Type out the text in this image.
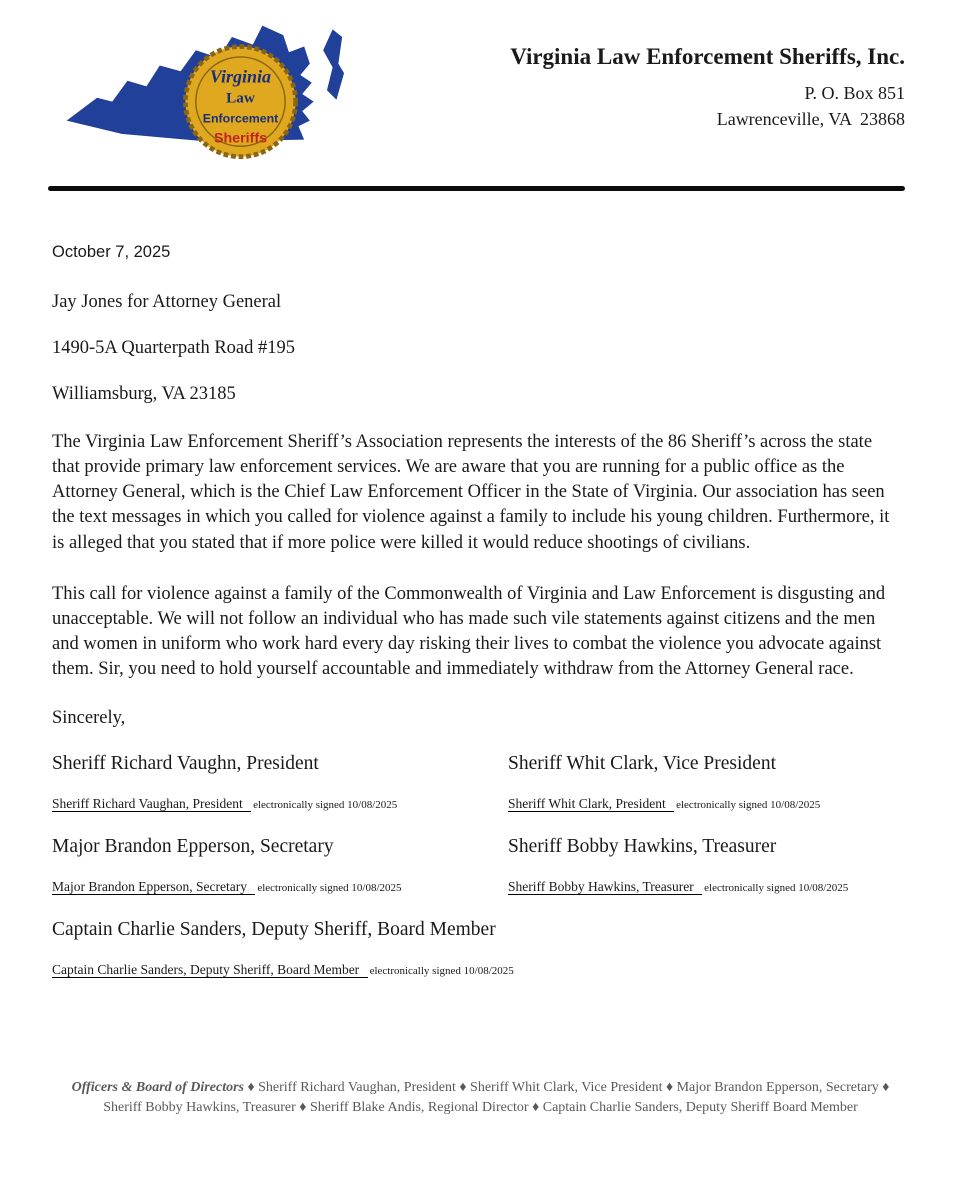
Virginia
Law
Enforcement
Sheriffs
Virginia Law Enforcement Sheriffs, Inc.
P. O. Box 851
Lawrenceville, VA  23868
October 7, 2025

Jay Jones for Attorney General

1490-5A Quarterpath Road #195

Williamsburg, VA 23185

The Virginia Law Enforcement Sheriff’s Association represents the interests of the 86 Sheriff’s across the state that provide primary law enforcement services. We are aware that you are running for a public office as the Attorney General, which is the Chief Law Enforcement Officer in the State of Virginia. Our association has seen the text messages in which you called for violence against a family to include his young children. Furthermore, it is alleged that you stated that if more police were killed it would reduce shootings of civilians.

This call for violence against a family of the Commonwealth of Virginia and Law Enforcement is disgusting and unacceptable. We will not follow an individual who has made such vile statements against citizens and the men and women in uniform who work hard every day risking their lives to combat the violence you advocate against them. Sir, you need to hold yourself accountable and immediately withdraw from the Attorney General race.

Sincerely,

Sheriff Richard Vaughn, President

Sheriff Richard Vaughan, President electronically signed 10/08/2025

Sheriff Whit Clark, Vice President

Sheriff Whit Clark, President electronically signed 10/08/2025

Major Brandon Epperson, Secretary

Major Brandon Epperson, Secretary electronically signed 10/08/2025

Sheriff Bobby Hawkins, Treasurer

Sheriff Bobby Hawkins, Treasurer electronically signed 10/08/2025

Captain Charlie Sanders, Deputy Sheriff, Board Member

Captain Charlie Sanders, Deputy Sheriff, Board Member electronically signed 10/08/2025
Officers & Board of Directors ♦ Sheriff Richard Vaughan, President ♦ Sheriff Whit Clark, Vice President ♦ Major Brandon Epperson, Secretary ♦ Sheriff Bobby Hawkins, Treasurer ♦ Sheriff Blake Andis, Regional Director ♦ Captain Charlie Sanders, Deputy Sheriff Board Member
